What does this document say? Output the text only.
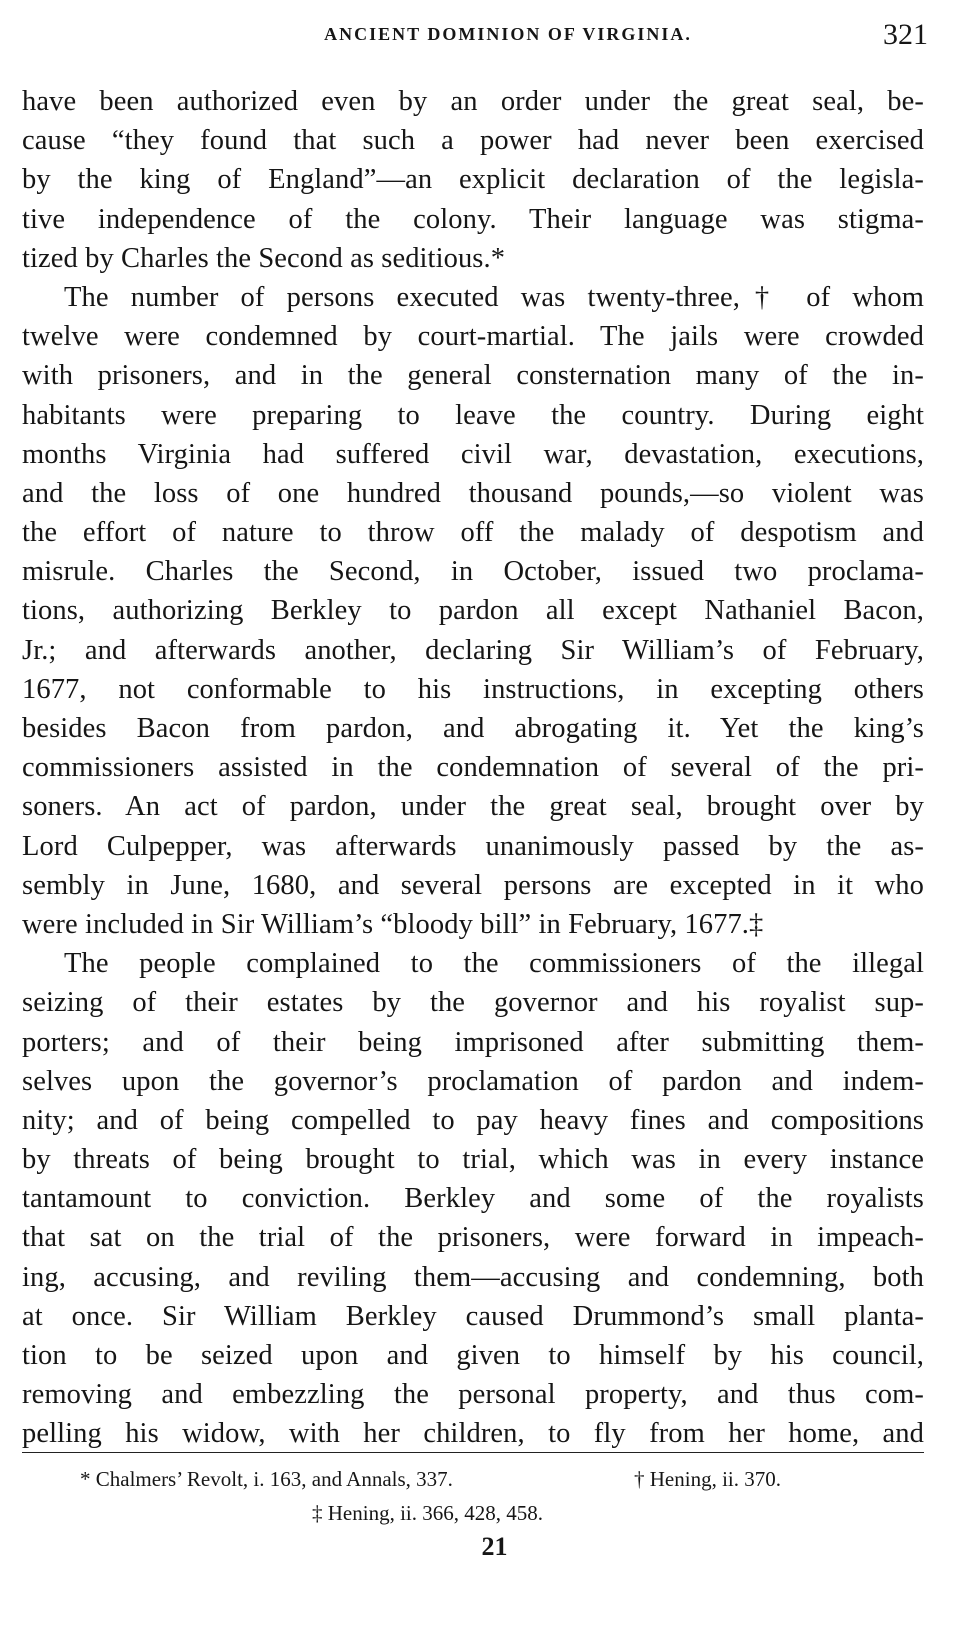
ANCIENT DOMINION OF VIRGINIA.	321
have been authorized even by an order under the great seal, be-
cause “they found that such a power had never been exercised
by the king of England”—an explicit declaration of the legisla-
tive independence of the colony. Their language was stigma-
tized by Charles the Second as seditious.*
The number of persons executed was twenty-three,† of whom
twelve were condemned by court-martial. The jails were crowded
with prisoners, and in the general consternation many of the in-
habitants were preparing to leave the country. During eight
months Virginia had suffered civil war, devastation, executions,
and the loss of one hundred thousand pounds,—so violent was
the effort of nature to throw off the malady of despotism and
misrule. Charles the Second, in October, issued two proclama-
tions, authorizing Berkley to pardon all except Nathaniel Bacon,
Jr.; and afterwards another, declaring Sir William’s of February,
1677, not conformable to his instructions, in excepting others
besides Bacon from pardon, and abrogating it. Yet the king’s
commissioners assisted in the condemnation of several of the pri-
soners. An act of pardon, under the great seal, brought over by
Lord Culpepper, was afterwards unanimously passed by the as-
sembly in June, 1680, and several persons are excepted in it who
were included in Sir William’s “bloody bill” in February, 1677.‡
The people complained to the commissioners of the illegal
seizing of their estates by the governor and his royalist sup-
porters; and of their being imprisoned after submitting them-
selves upon the governor’s proclamation of pardon and indem-
nity; and of being compelled to pay heavy fines and compositions
by threats of being brought to trial, which was in every instance
tantamount to conviction. Berkley and some of the royalists
that sat on the trial of the prisoners, were forward in impeach-
ing, accusing, and reviling them—accusing and condemning, both
at once. Sir William Berkley caused Drummond’s small planta-
tion to be seized upon and given to himself by his council,
removing and embezzling the personal property, and thus com-
pelling his widow, with her children, to fly from her home, and
* Chalmers’ Revolt, i. 163, and Annals, 337.	† Hening, ii. 370.
‡ Hening, ii. 366, 428, 458.
21
